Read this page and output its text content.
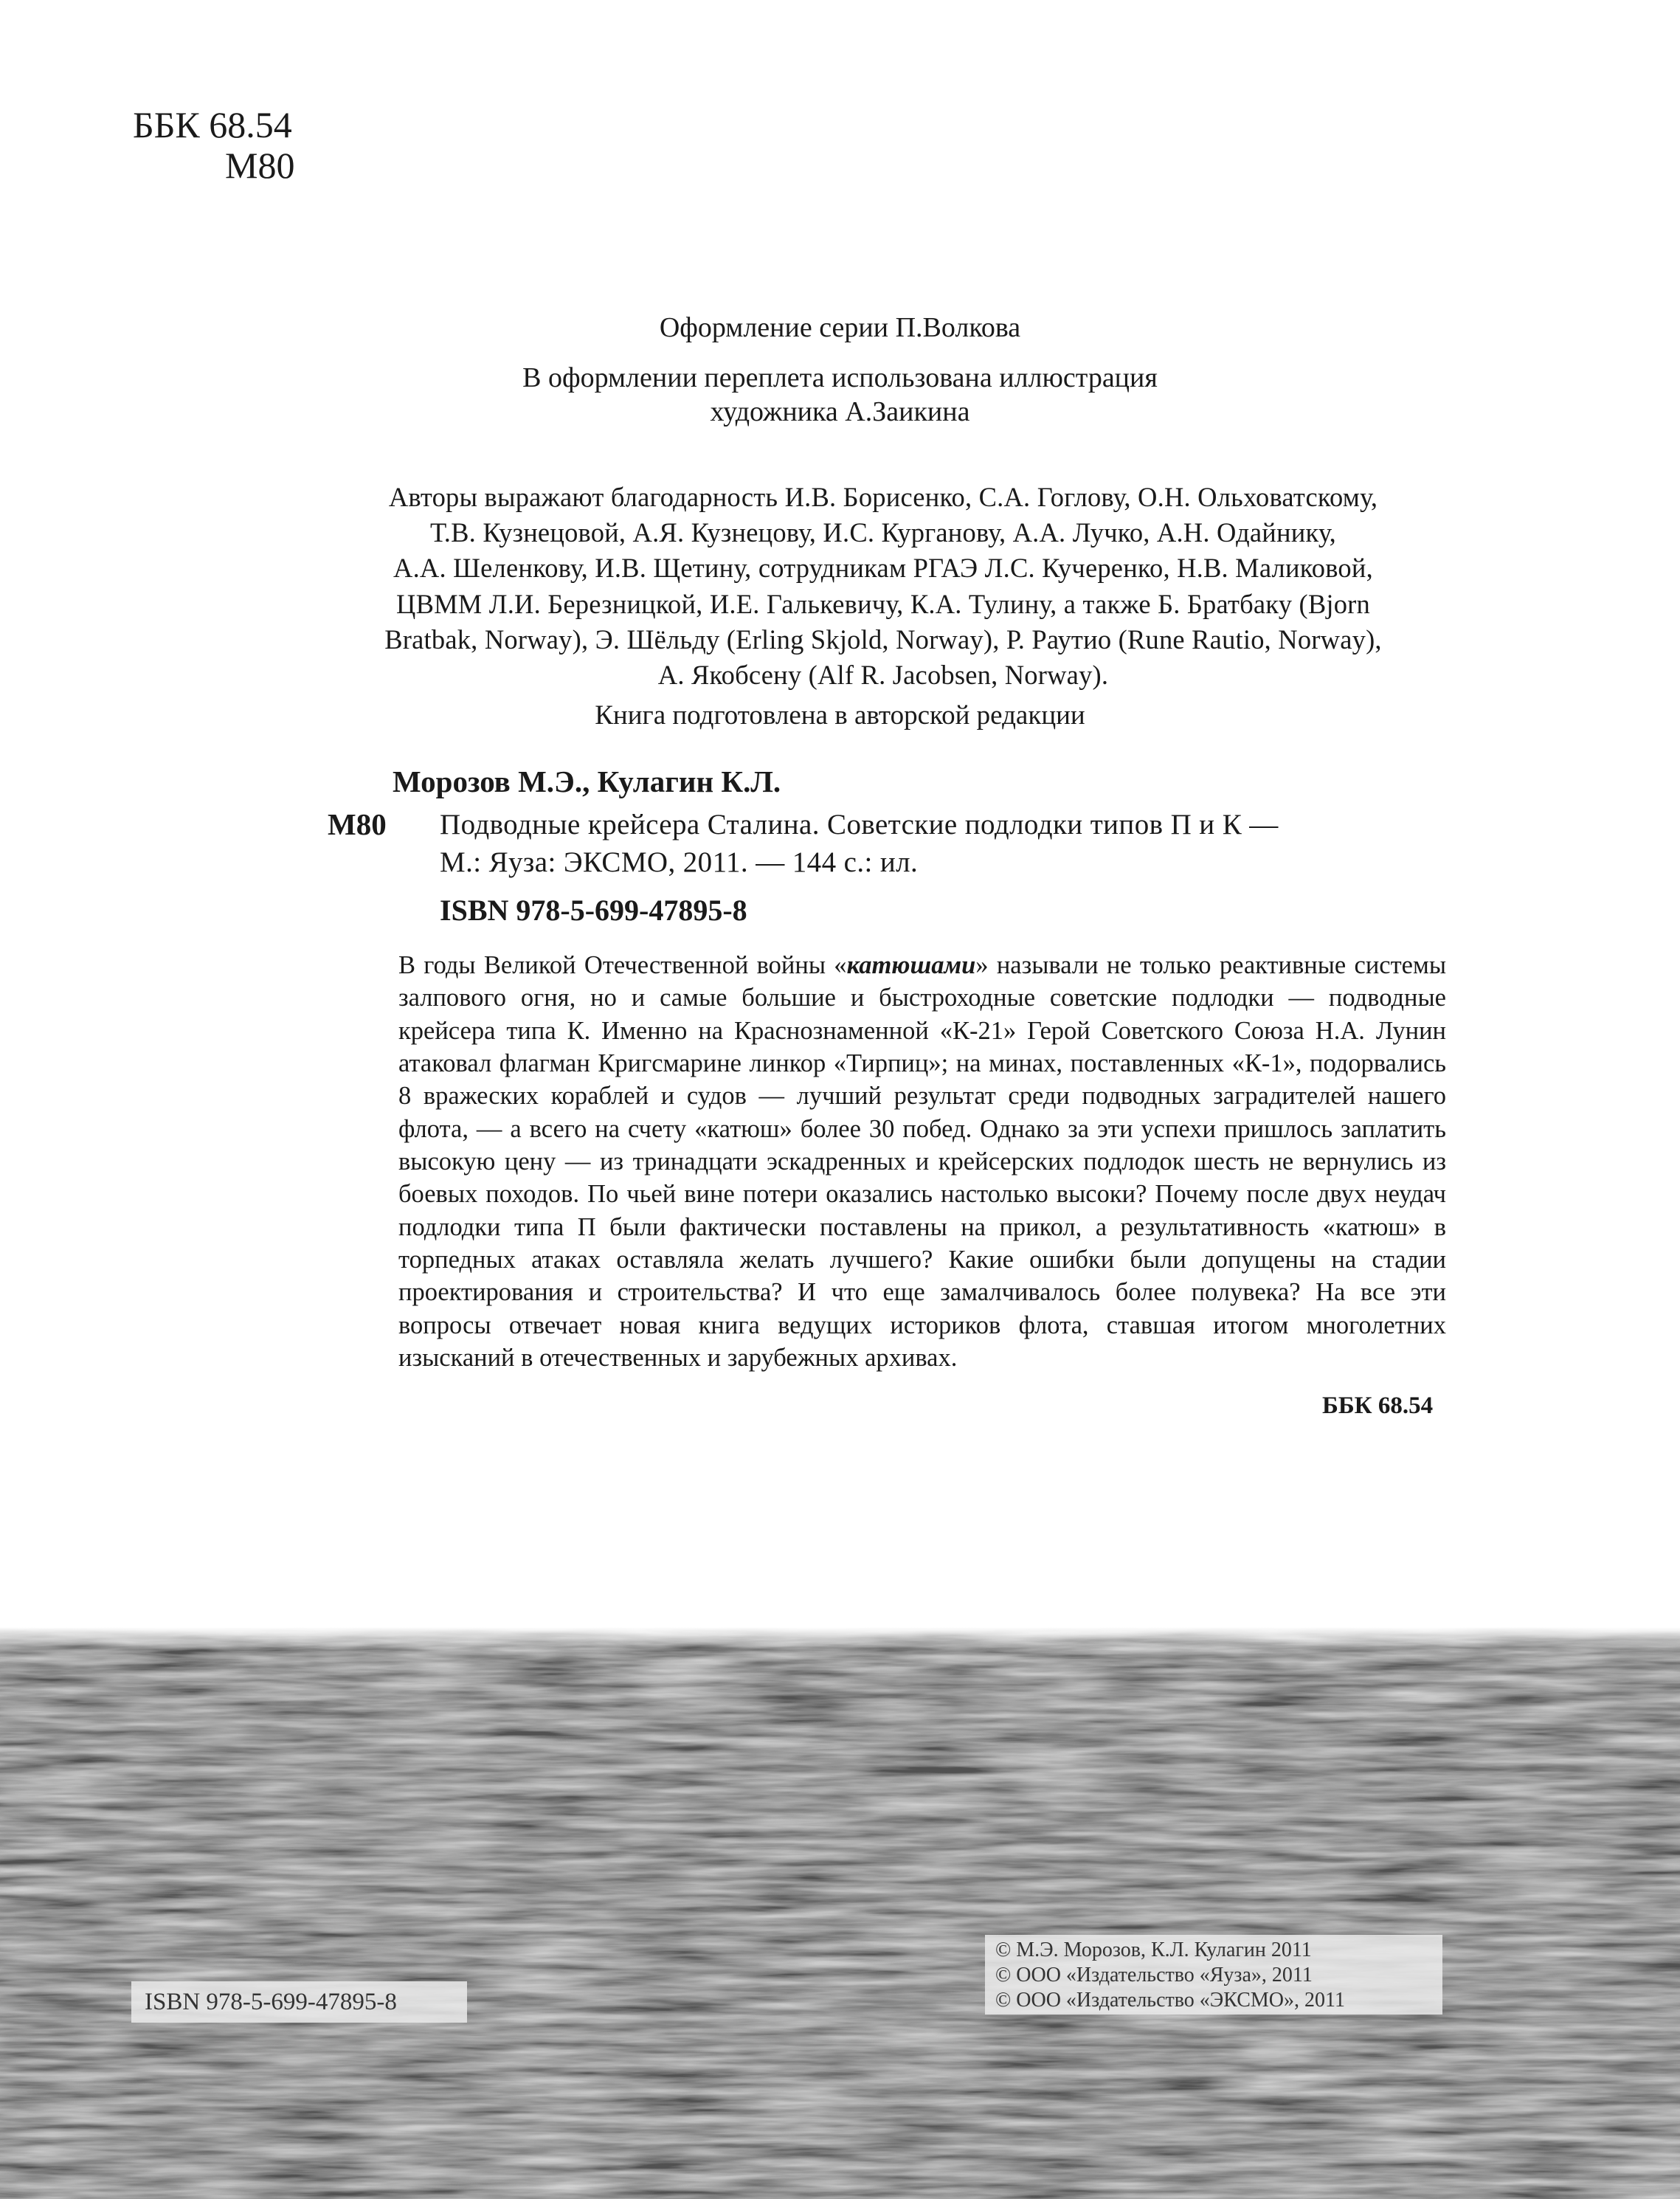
ББК 68.54
М80
Оформление серии П.Волкова
В оформлении переплета использована иллюстрация
художника А.Заикина
Авторы выражают благодарность И.В. Борисенко, С.А. Гоглову, О.Н. Ольховатскому,
Т.В. Кузнецовой, А.Я. Кузнецову, И.С. Курганову, А.А. Лучко, А.Н. Одайнику,
А.А. Шеленкову, И.В. Щетину, сотрудникам РГАЭ Л.С. Кучеренко, Н.В. Маликовой,
ЦВММ Л.И. Березницкой, И.Е. Галькевичу, К.А. Тулину, а также Б. Братбаку (Bjorn
Bratbak, Norway), Э. Шёльду (Erling Skjold, Norway), Р. Раутио (Rune Rautio, Norway),
А. Якобсену (Alf R. Jacobsen, Norway).
Книга подготовлена в авторской редакции
Морозов М.Э., Кулагин К.Л.
М80 Подводные крейсера Сталина. Советские подлодки типов П и К —
М.: Яуза: ЭКСМО, 2011. — 144 с.: ил.
ISBN 978-5-699-47895-8

В годы Великой Отечественной войны «катюшами» называли не только реактивные системы залпового огня, но и самые большие и быстроходные советские подлодки — подводные крейсера типа К. Именно на Краснознаменной «К-21» Герой Советского Союза Н.А. Лунин атаковал флагман Кригсмарине линкор «Тирпиц»; на минах, поставленных «К-1», подорвались 8 вражеских кораблей и судов — лучший результат среди подводных заградителей нашего флота, — а всего на счету «катюш» более 30 побед. Однако за эти успехи пришлось заплатить высокую цену — из тринадцати эскадренных и крейсерских подлодок шесть не вернулись из боевых походов. По чьей вине потери оказались настолько высоки? Почему после двух неудач подлодки типа П были фактически поставлены на прикол, а результативность «катюш» в торпедных атаках оставляла желать лучшего? Какие ошибки были допущены на стадии проектирования и строительства? И что еще замалчивалось более полувека? На все эти вопросы отвечает новая книга ведущих историков флота, ставшая итогом многолетних изысканий в отечественных и зарубежных архивах.

ББК 68.54
ISBN 978-5-699-47895-8
© М.Э. Морозов, К.Л. Кулагин 2011
© ООО «Издательство «Яуза», 2011
© ООО «Издательство «ЭКСМО», 2011
